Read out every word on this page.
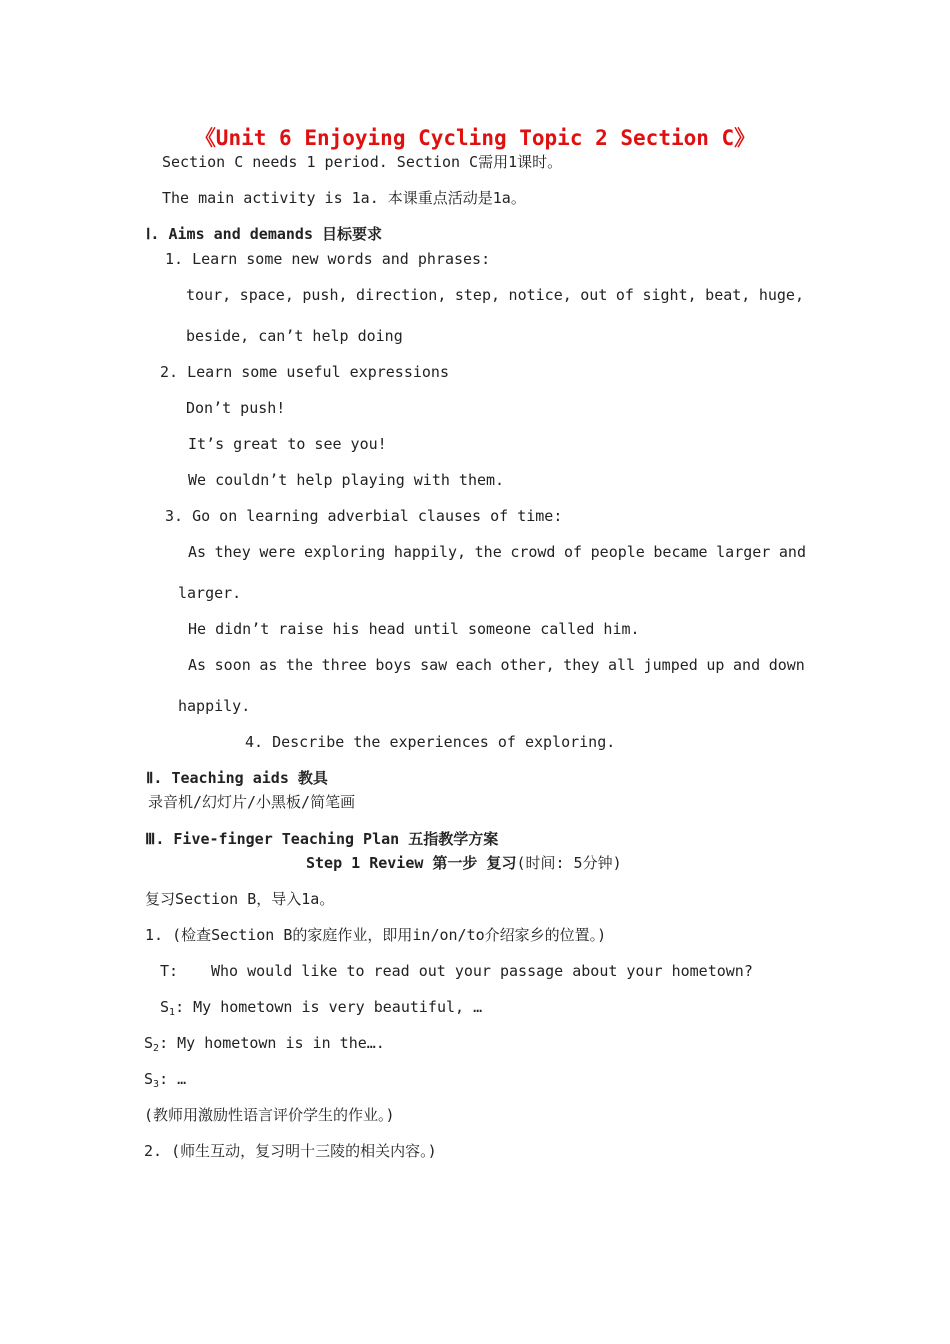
《Unit 6 Enjoying Cycling Topic 2 Section C》
Section C needs 1 period. Section C需用1课时。
The main activity is 1a. 本课重点活动是1a。
Ⅰ. Aims and demands 目标要求
1. Learn some new words and phrases:
tour, space, push, direction, step, notice, out of sight, beat, huge,
beside, can’t help doing
2. Learn some useful expressions
Don’t push!
It’s great to see you!
We couldn’t help playing with them.
3. Go on learning adverbial clauses of time:
As they were exploring happily, the crowd of people became larger and
larger.
He didn’t raise his head until someone called him.
As soon as the three boys saw each other, they all jumped up and down
happily.
4. Describe the experiences of exploring.
Ⅱ. Teaching aids 教具
录音机/幻灯片/小黑板/简笔画
Ⅲ. Five-finger Teaching Plan 五指教学方案
Step 1 Review 第一步 复习(时间: 5分钟)
复习Section B，导入1a。
1. (检查Section B的家庭作业，即用in/on/to介绍家乡的位置。)
T: Who would like to read out your passage about your hometown?
$S_1$: My hometown is very beautiful, …
$S_2$: My hometown is in the….
$S_3$: …
(教师用激励性语言评价学生的作业。)
2. (师生互动，复习明十三陵的相关内容。)
